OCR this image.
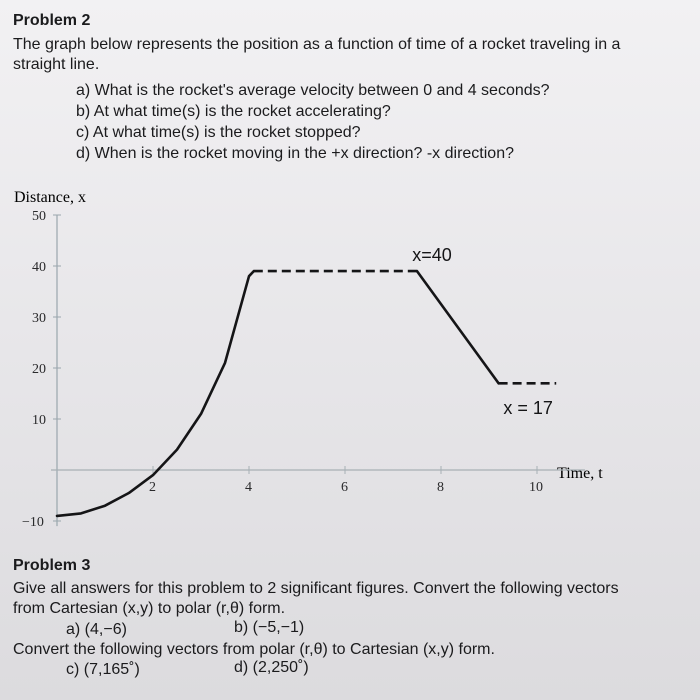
Problem 2
The graph below represents the position as a function of time of a rocket traveling in a
straight line.
a) What is the rocket's average velocity between 0 and 4 seconds?
b) At what time(s) is the rocket accelerating?
c) At what time(s) is the rocket stopped?
d) When is the rocket moving in the +x direction? -x direction?
Distance, x
Time, t
50
40
30
20
10
−10
2	4	6	8	10
x=40
x = 17
Problem 3
Give all answers for this problem to 2 significant figures. Convert the following vectors
from Cartesian (x,y) to polar (r,θ) form.
a) (4,−6)	b) (−5,−1)
Convert the following vectors from polar (r,θ) to Cartesian (x,y) form.
c) (7,165˚)	d) (2,250˚)
